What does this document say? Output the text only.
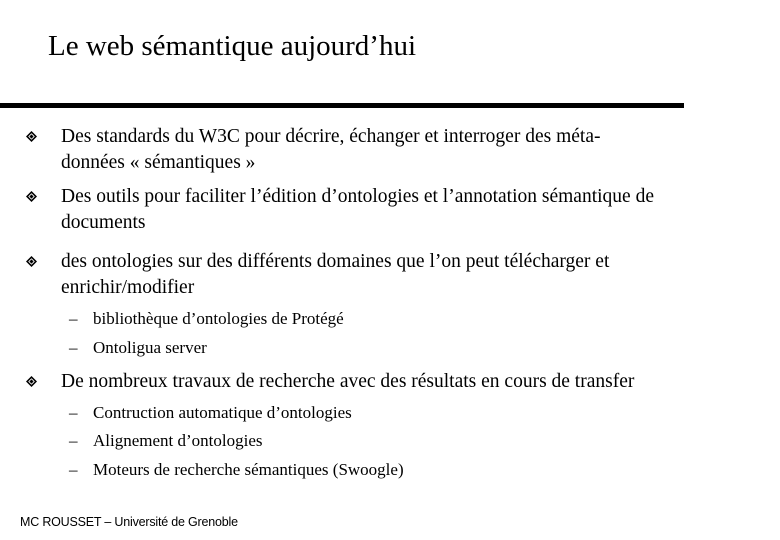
Le web sémantique aujourd’hui
Des standards du W3C pour décrire, échanger et interroger des méta-
données « sémantiques »
Des outils pour faciliter l’édition d’ontologies et l’annotation sémantique de
documents
des ontologies sur des différents domaines que l’on peut télécharger et
enrichir/modifier
– bibliothèque d’ontologies de Protégé
– Ontoligua server
De nombreux travaux de recherche avec des résultats en cours de transfer
– Contruction automatique d’ontologies
– Alignement d’ontologies
– Moteurs de recherche sémantiques (Swoogle)
MC ROUSSET – Université de Grenoble
